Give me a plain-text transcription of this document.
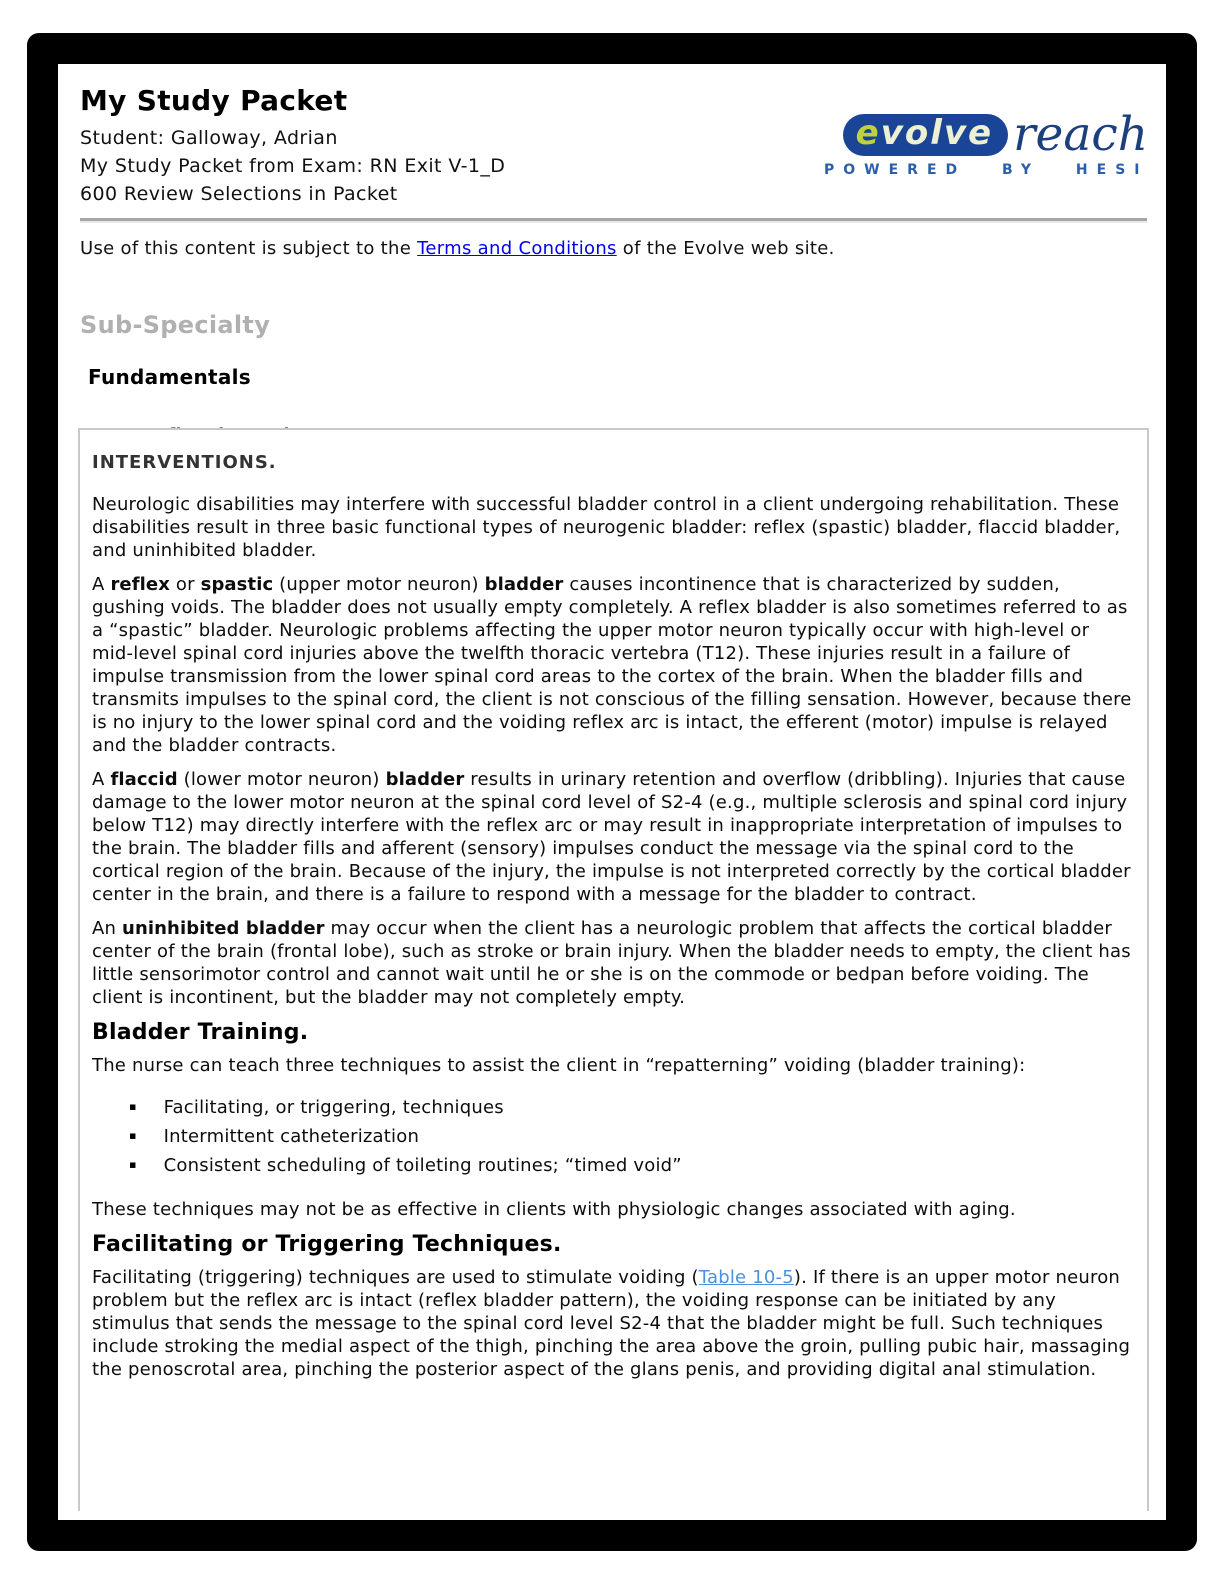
My Study Packet
Student: Galloway, Adrian
My Study Packet from Exam: RN Exit V-1_D
600 Review Selections in Packet
evolve reach
POWERED BY HESI
Use of this content is subject to the Terms and Conditions of the Evolve web site.
Sub-Specialty
Fundamentals
INTERVENTIONS.

Neurologic disabilities may interfere with successful bladder control in a client undergoing rehabilitation. These disabilities result in three basic functional types of neurogenic bladder: reflex (spastic) bladder, flaccid bladder, and uninhibited bladder.

A reflex or spastic (upper motor neuron) bladder causes incontinence that is characterized by sudden, gushing voids. The bladder does not usually empty completely. A reflex bladder is also sometimes referred to as a “spastic” bladder. Neurologic problems affecting the upper motor neuron typically occur with high-level or mid-level spinal cord injuries above the twelfth thoracic vertebra (T12). These injuries result in a failure of impulse transmission from the lower spinal cord areas to the cortex of the brain. When the bladder fills and transmits impulses to the spinal cord, the client is not conscious of the filling sensation. However, because there is no injury to the lower spinal cord and the voiding reflex arc is intact, the efferent (motor) impulse is relayed and the bladder contracts.

A flaccid (lower motor neuron) bladder results in urinary retention and overflow (dribbling). Injuries that cause damage to the lower motor neuron at the spinal cord level of S2-4 (e.g., multiple sclerosis and spinal cord injury below T12) may directly interfere with the reflex arc or may result in inappropriate interpretation of impulses to the brain. The bladder fills and afferent (sensory) impulses conduct the message via the spinal cord to the cortical region of the brain. Because of the injury, the impulse is not interpreted correctly by the cortical bladder center in the brain, and there is a failure to respond with a message for the bladder to contract.

An uninhibited bladder may occur when the client has a neurologic problem that affects the cortical bladder center of the brain (frontal lobe), such as stroke or brain injury. When the bladder needs to empty, the client has little sensorimotor control and cannot wait until he or she is on the commode or bedpan before voiding. The client is incontinent, but the bladder may not completely empty.

Bladder Training.

The nurse can teach three techniques to assist the client in “repatterning” voiding (bladder training):

▪ Facilitating, or triggering, techniques
▪ Intermittent catheterization
▪ Consistent scheduling of toileting routines; “timed void”

These techniques may not be as effective in clients with physiologic changes associated with aging.

Facilitating or Triggering Techniques.

Facilitating (triggering) techniques are used to stimulate voiding (Table 10-5). If there is an upper motor neuron problem but the reflex arc is intact (reflex bladder pattern), the voiding response can be initiated by any stimulus that sends the message to the spinal cord level S2-4 that the bladder might be full. Such techniques include stroking the medial aspect of the thigh, pinching the area above the groin, pulling pubic hair, massaging the penoscrotal area, pinching the posterior aspect of the glans penis, and providing digital anal stimulation.
